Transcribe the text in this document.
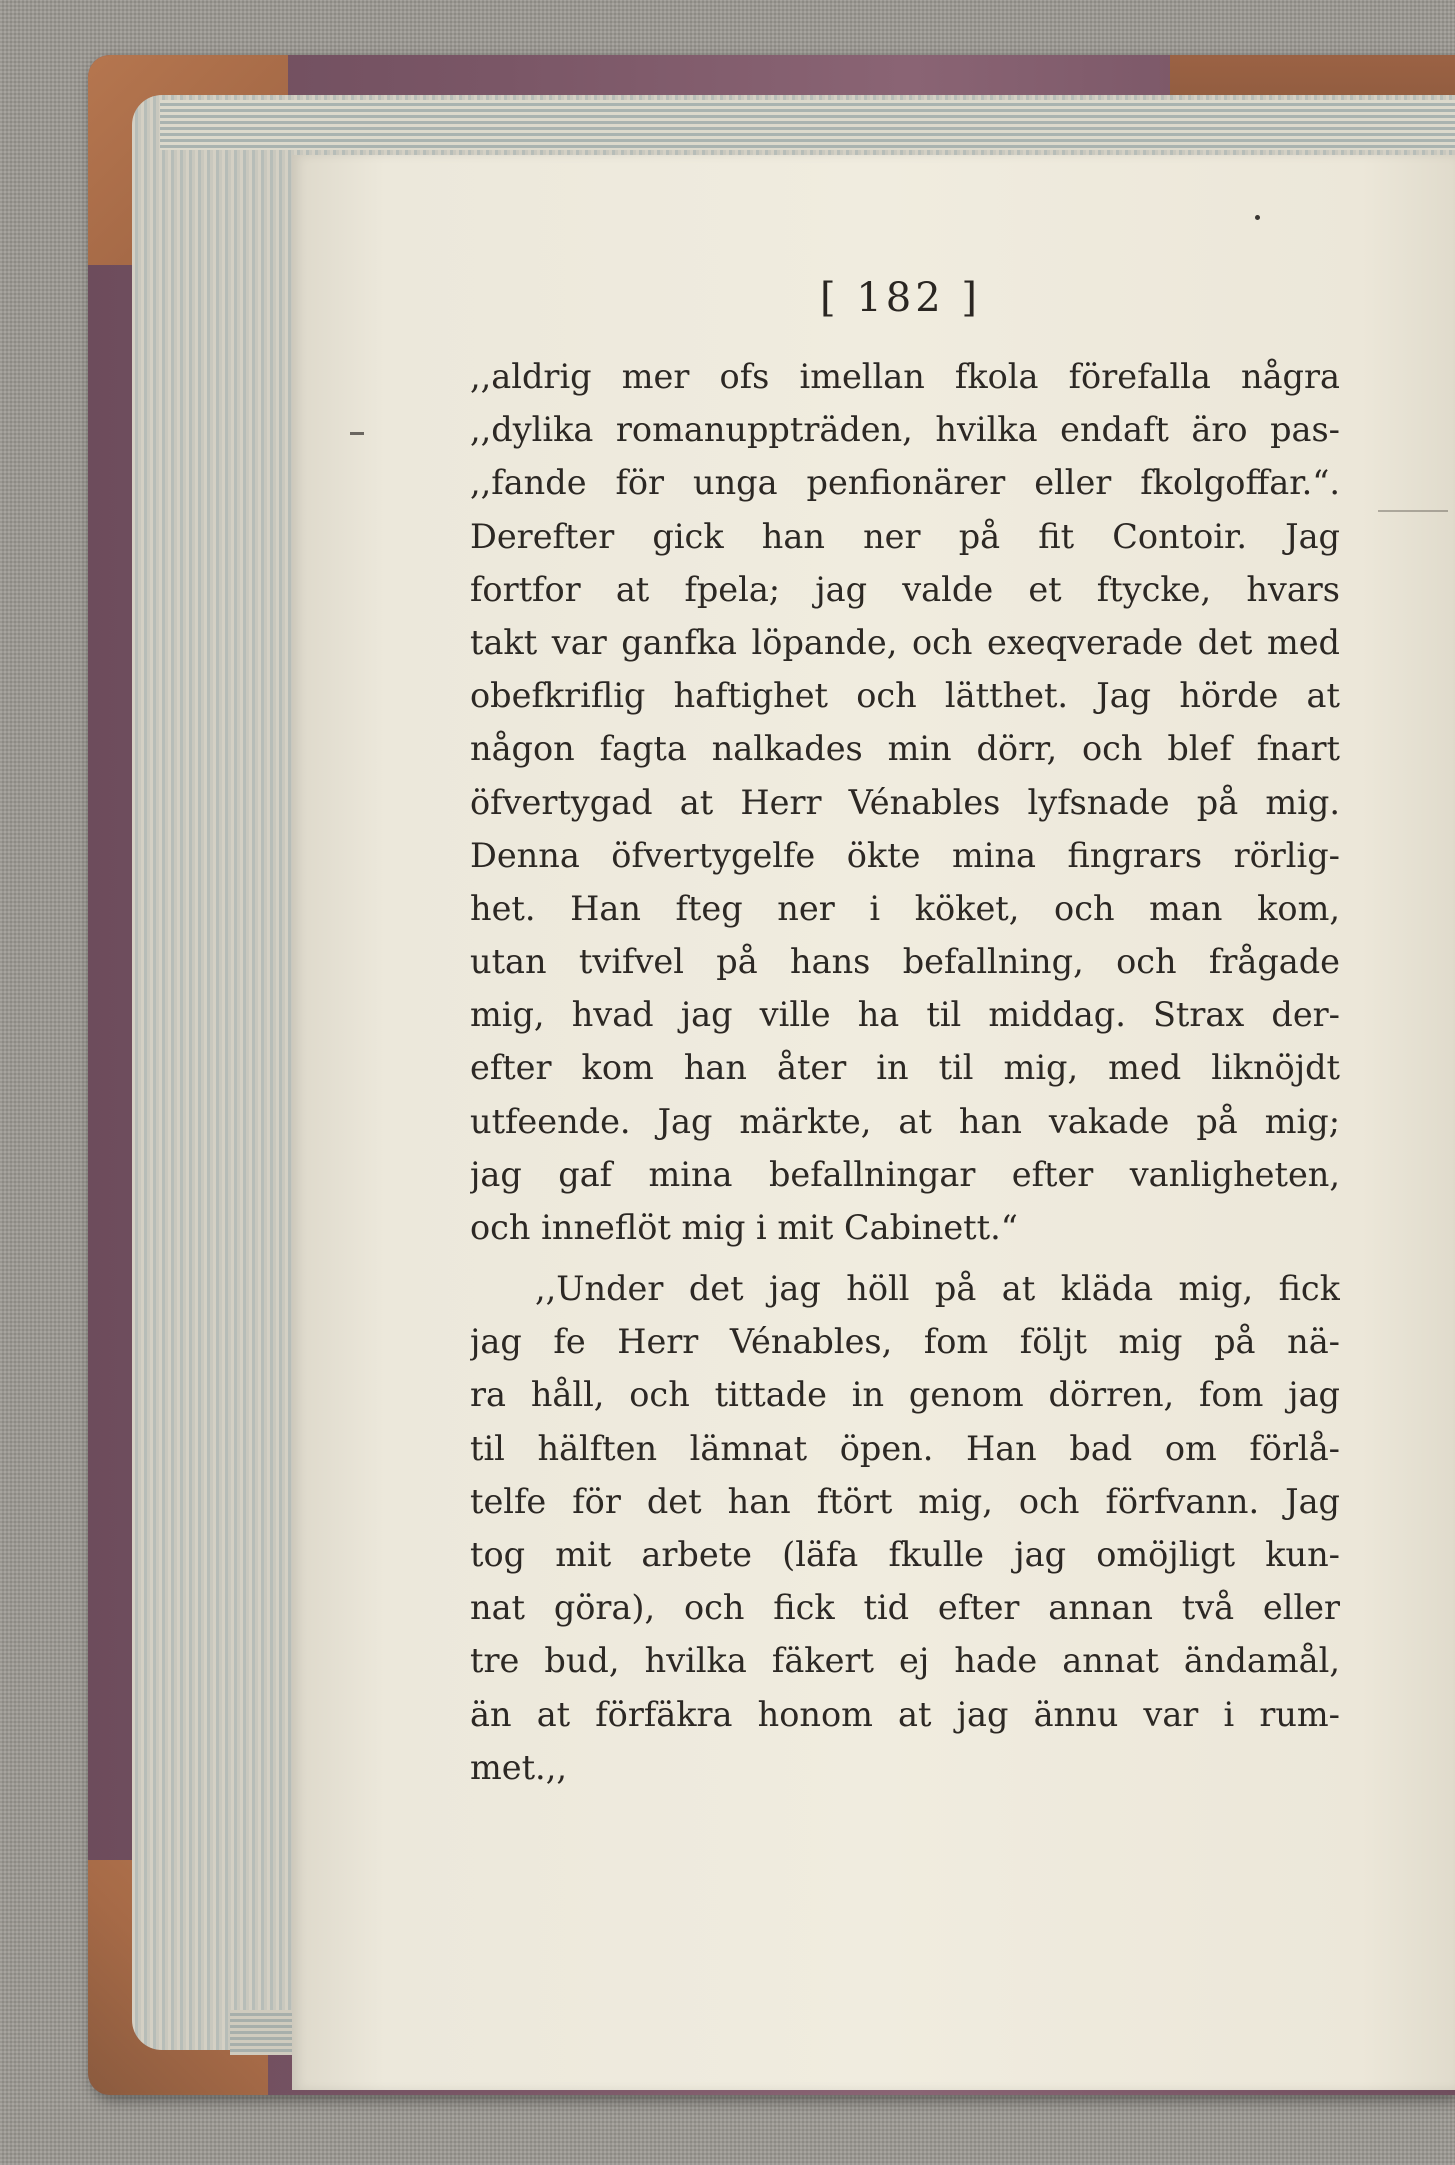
[ 182 ]
,,aldrig mer ofs imellan fkola förefalla några
,,dylika romanuppträden, hvilka endaft äro pas-
,,fande för unga penfionärer eller fkolgoffar.“.
Derefter gick han ner på fit Contoir. Jag
fortfor at fpela; jag valde et ftycke, hvars
takt var ganfka löpande, och exeqverade det med
obefkriflig haftighet och lätthet. Jag hörde at
någon fagta nalkades min dörr, och blef fnart
öfvertygad at Herr Vénables lyfsnade på mig.
Denna öfvertygelfe ökte mina fingrars rörlig-
het. Han fteg ner i köket, och man kom,
utan tvifvel på hans befallning, och frågade
mig, hvad jag ville ha til middag. Strax der-
efter kom han åter in til mig, med liknöjdt
utfeende. Jag märkte, at han vakade på mig;
jag gaf mina befallningar efter vanligheten,
och inneflöt mig i mit Cabinett.“
,,Under det jag höll på at kläda mig, fick
jag fe Herr Vénables, fom följt mig på nä-
ra håll, och tittade in genom dörren, fom jag
til hälften lämnat öpen. Han bad om förlå-
telfe för det han ftört mig, och förfvann. Jag
tog mit arbete (läfa fkulle jag omöjligt kun-
nat göra), och fick tid efter annan två eller
tre bud, hvilka fäkert ej hade annat ändamål,
än at förfäkra honom at jag ännu var i rum-
met.,,
